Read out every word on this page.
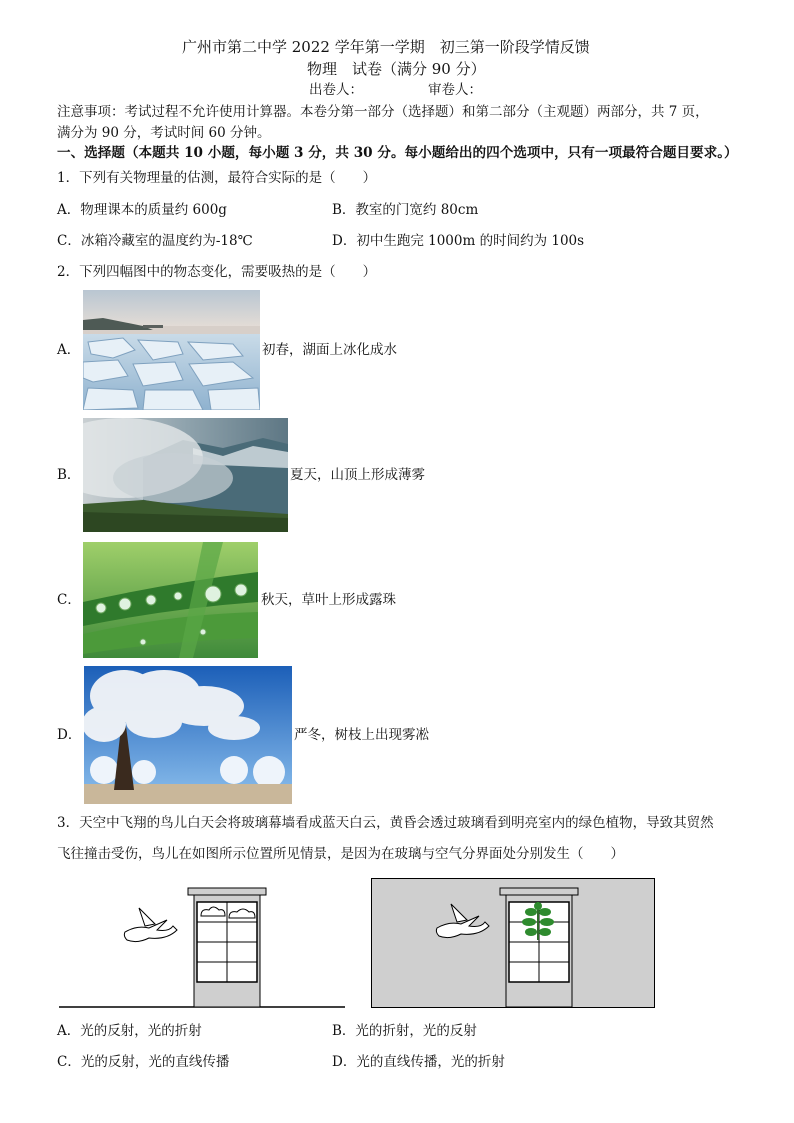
广州市第二中学 2022 学年第一学期　初三第一阶段学情反馈
物理　试卷（满分 90 分）
出卷人：	审卷人：
注意事项：考试过程不允许使用计算器。本卷分第一部分（选择题）和第二部分（主观题）两部分，共 7 页，
满分为 90 分，考试时间 60 分钟。
一、选择题（本题共 10 小题，每小题 3 分，共 30 分。每小题给出的四个选项中，只有一项最符合题目要求。）
1．下列有关物理量的估测，最符合实际的是（　　）
A．物理课本的质量约 600g	B．教室的门宽约 80cm
C．冰箱冷藏室的温度约为-18℃	D．初中生跑完 1000m 的时间约为 100s
2．下列四幅图中的物态变化，需要吸热的是（　　）
A．	初春，湖面上冰化成水
B．	夏天，山顶上形成薄雾
C．	秋天，草叶上形成露珠
D．	严冬，树枝上出现雾凇
3．天空中飞翔的鸟儿白天会将玻璃幕墙看成蓝天白云，黄昏会透过玻璃看到明亮室内的绿色植物，导致其贸然
飞往撞击受伤，鸟儿在如图所示位置所见情景，是因为在玻璃与空气分界面处分别发生（　　）
A．光的反射，光的折射	B．光的折射，光的反射
C．光的反射，光的直线传播	D．光的直线传播，光的折射
